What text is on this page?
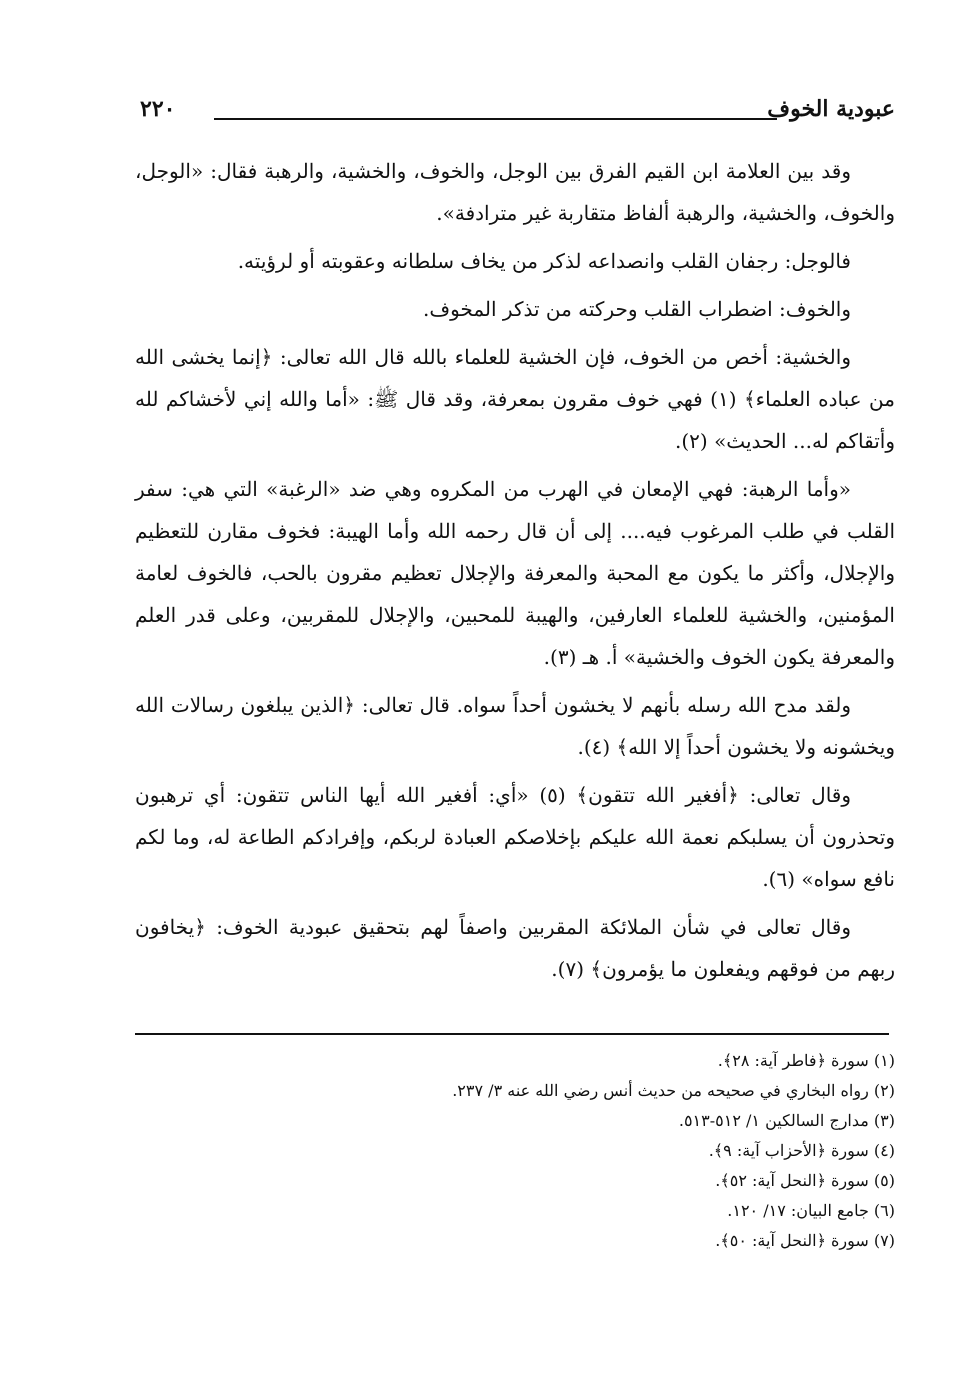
عبودية الخوف
٢٢٠

وقد بين العلامة ابن القيم الفرق بين الوجل، والخوف، والخشية، والرهبة فقال: «الوجل، والخوف، والخشية، والرهبة ألفاظ متقاربة غير مترادفة».

فالوجل: رجفان القلب وانصداعه لذكر من يخاف سلطانه وعقوبته أو لرؤيته.

والخوف: اضطراب القلب وحركته من تذكر المخوف.

والخشية: أخص من الخوف، فإن الخشية للعلماء بالله قال الله تعالى: ﴿إنما يخشى الله من عباده العلماء﴾ (١) فهي خوف مقرون بمعرفة، وقد قال ﷺ: «أما والله إني لأخشاكم لله وأتقاكم له... الحديث» (٢).

«وأما الرهبة: فهي الإمعان في الهرب من المكروه وهي ضد «الرغبة» التي هي: سفر القلب في طلب المرغوب فيه.... إلى أن قال رحمه الله وأما الهيبة: فخوف مقارن للتعظيم والإجلال، وأكثر ما يكون مع المحبة والمعرفة والإجلال تعظيم مقرون بالحب، فالخوف لعامة المؤمنين، والخشية للعلماء العارفين، والهيبة للمحبين، والإجلال للمقربين، وعلى قدر العلم والمعرفة يكون الخوف والخشية» أ. هـ (٣).

ولقد مدح الله رسله بأنهم لا يخشون أحداً سواه. قال تعالى: ﴿الذين يبلغون رسالات الله ويخشونه ولا يخشون أحداً إلا الله﴾ (٤).

وقال تعالى: ﴿أفغير الله تتقون﴾ (٥) «أي: أفغير الله أيها الناس تتقون: أي ترهبون وتحذرون أن يسلبكم نعمة الله عليكم بإخلاصكم العبادة لربكم، وإفرادكم الطاعة له، وما لكم نافع سواه» (٦).

وقال تعالى في شأن الملائكة المقربين واصفاً لهم بتحقيق عبودية الخوف: ﴿يخافون ربهم من فوقهم ويفعلون ما يؤمرون﴾ (٧).

(١) سورة ﴿فاطر آية: ٢٨﴾.
(٢) رواه البخاري في صحيحه من حديث أنس رضي الله عنه ٣/ ٢٣٧.
(٣) مدارج السالكين ١/ ٥١٢-٥١٣.
(٤) سورة ﴿الأحزاب آية: ٩﴾.
(٥) سورة ﴿النحل آية: ٥٢﴾.
(٦) جامع البيان: ١٧/ ١٢٠.
(٧) سورة ﴿النحل آية: ٥٠﴾.
